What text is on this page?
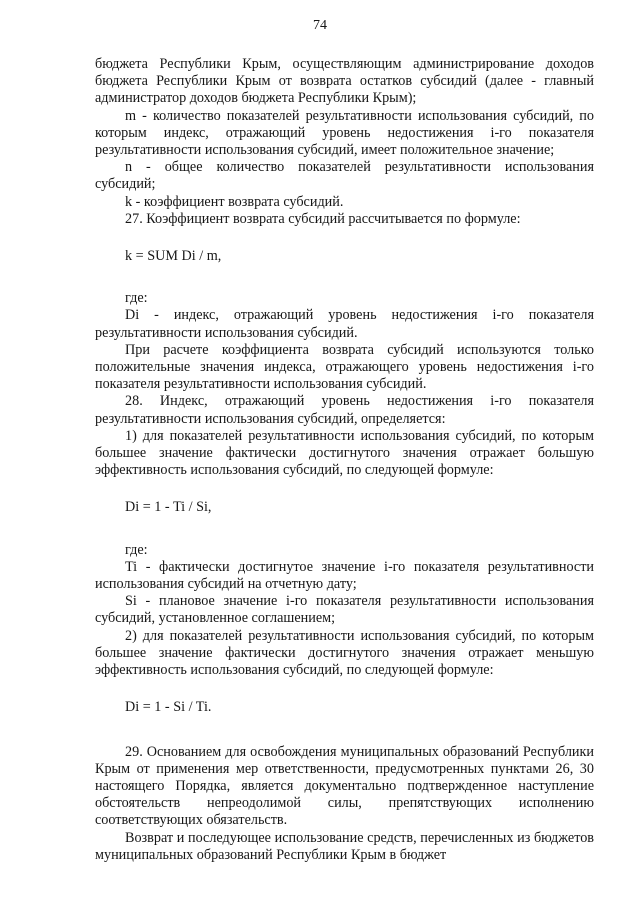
74

бюджета Республики Крым, осуществляющим администрирование доходов бюджета Республики Крым от возврата остатков субсидий (далее - главный администратор доходов бюджета Республики Крым);

m - количество показателей результативности использования субсидий, по которым индекс, отражающий уровень недостижения i-го показателя результативности использования субсидий, имеет положительное значение;

n - общее количество показателей результативности использования субсидий;

k - коэффициент возврата субсидий.

27. Коэффициент возврата субсидий рассчитывается по формуле:

k = SUM Di / m,

где:

Di - индекс, отражающий уровень недостижения i-го показателя результативности использования субсидий.

При расчете коэффициента возврата субсидий используются только положительные значения индекса, отражающего уровень недостижения i-го показателя результативности использования субсидий.

28. Индекс, отражающий уровень недостижения i-го показателя результативности использования субсидий, определяется:

1) для показателей результативности использования субсидий, по которым большее значение фактически достигнутого значения отражает большую эффективность использования субсидий, по следующей формуле:

Di = 1 - Ti / Si,

где:

Ti - фактически достигнутое значение i-го показателя результативности использования субсидий на отчетную дату;

Si - плановое значение i-го показателя результативности использования субсидий, установленное соглашением;

2) для показателей результативности использования субсидий, по которым большее значение фактически достигнутого значения отражает меньшую эффективность использования субсидий, по следующей формуле:

Di = 1 - Si / Ti.

29. Основанием для освобождения муниципальных образований Республики Крым от применения мер ответственности, предусмотренных пунктами 26, 30 настоящего Порядка, является документально подтвержденное наступление обстоятельств непреодолимой силы, препятствующих исполнению соответствующих обязательств.

Возврат и последующее использование средств, перечисленных из бюджетов муниципальных образований Республики Крым в бюджет
